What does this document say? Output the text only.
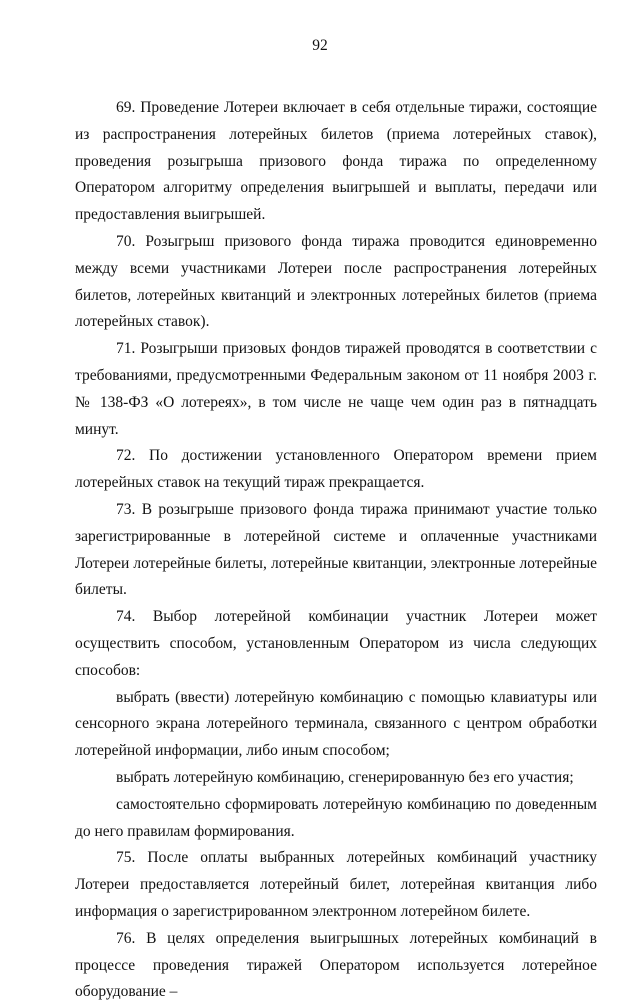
92

69. Проведение Лотереи включает в себя отдельные тиражи, состоящие из распространения лотерейных билетов (приема лотерейных ставок), проведения розыгрыша призового фонда тиража по определенному Оператором алгоритму определения выигрышей и выплаты, передачи или предоставления выигрышей.

70. Розыгрыш призового фонда тиража проводится единовременно между всеми участниками Лотереи после распространения лотерейных билетов, лотерейных квитанций и электронных лотерейных билетов (приема лотерейных ставок).

71. Розыгрыши призовых фондов тиражей проводятся в соответствии с требованиями, предусмотренными Федеральным законом от 11 ноября 2003 г. № 138-ФЗ «О лотереях», в том числе не чаще чем один раз в пятнадцать минут.

72. По достижении установленного Оператором времени прием лотерейных ставок на текущий тираж прекращается.

73. В розыгрыше призового фонда тиража принимают участие только зарегистрированные в лотерейной системе и оплаченные участниками Лотереи лотерейные билеты, лотерейные квитанции, электронные лотерейные билеты.

74. Выбор лотерейной комбинации участник Лотереи может осуществить способом, установленным Оператором из числа следующих способов:

выбрать (ввести) лотерейную комбинацию с помощью клавиатуры или сенсорного экрана лотерейного терминала, связанного с центром обработки лотерейной информации, либо иным способом;

выбрать лотерейную комбинацию, сгенерированную без его участия;

самостоятельно сформировать лотерейную комбинацию по доведенным до него правилам формирования.

75. После оплаты выбранных лотерейных комбинаций участнику Лотереи предоставляется лотерейный билет, лотерейная квитанция либо информация о зарегистрированном электронном лотерейном билете.

76. В целях определения выигрышных лотерейных комбинаций в процессе проведения тиражей Оператором используется лотерейное оборудование –
